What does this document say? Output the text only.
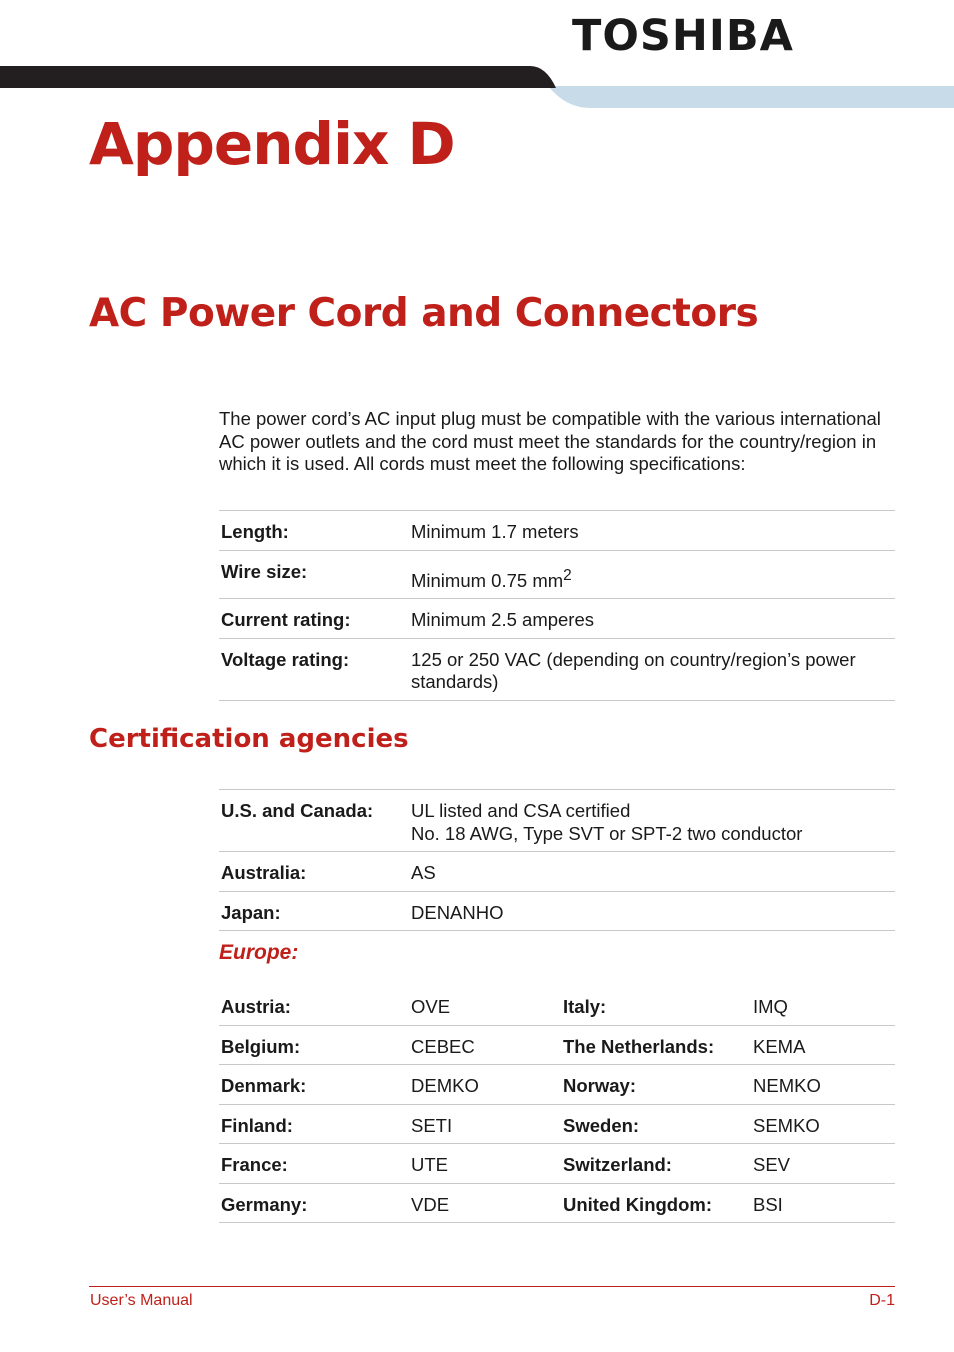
TOSHIBA
Appendix D
AC Power Cord and Connectors

The power cord’s AC input plug must be compatible with the various international AC power outlets and the cord must meet the standards for the country/region in which it is used. All cords must meet the following specifications:

Length:	Minimum 1.7 meters
Wire size:	Minimum 0.75 $mm^2$
Current rating:	Minimum 2.5 amperes
Voltage rating:	125 or 250 VAC (depending on country/region’s power standards)
Certification agencies
U.S. and Canada:	UL listed and CSA certified
No. 18 AWG, Type SVT or SPT-2 two conductor

Australia:	AS
Japan:	DENANHO

Europe:

Austria:	OVE	Italy:	IMQ
Belgium:	CEBEC	The Netherlands:	KEMA
Denmark:	DEMKO	Norway:	NEMKO
Finland:	SETI	Sweden:	SEMKO
France:	UTE	Switzerland:	SEV
Germany:	VDE	United Kingdom:	BSI
User’s Manual	D-1
